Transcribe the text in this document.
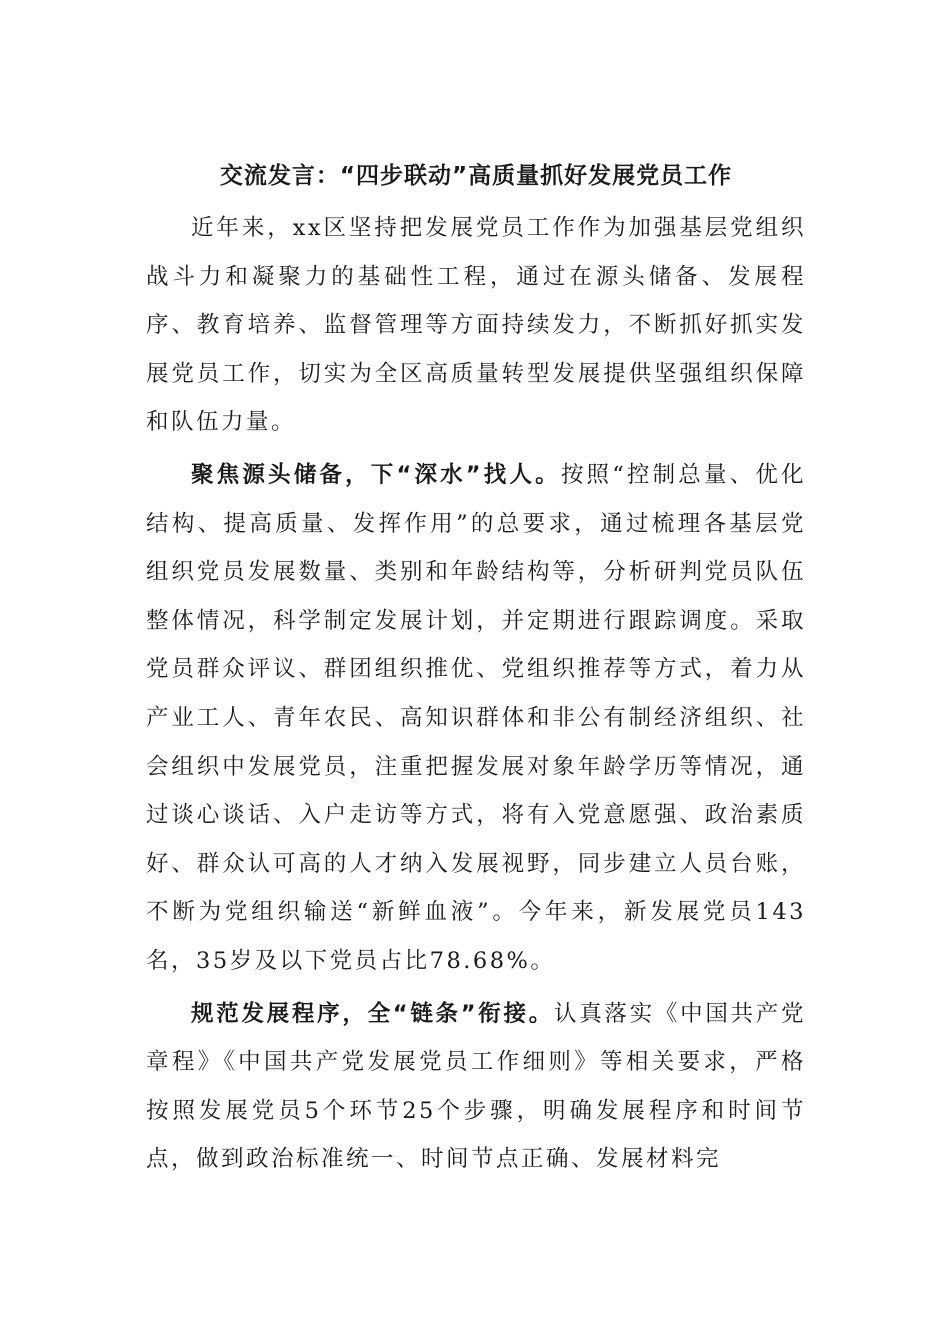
交流发言：“四步联动”高质量抓好发展党员工作

近年来，xx区坚持把发展党员工作作为加强基层党组织战斗力和凝聚力的基础性工程，通过在源头储备、发展程序、教育培养、监督管理等方面持续发力，不断抓好抓实发展党员工作，切实为全区高质量转型发展提供坚强组织保障和队伍力量。

聚焦源头储备，下“深水”找人。按照“控制总量、优化结构、提高质量、发挥作用”的总要求，通过梳理各基层党组织党员发展数量、类别和年龄结构等，分析研判党员队伍整体情况，科学制定发展计划，并定期进行跟踪调度。采取党员群众评议、群团组织推优、党组织推荐等方式，着力从产业工人、青年农民、高知识群体和非公有制经济组织、社会组织中发展党员，注重把握发展对象年龄学历等情况，通过谈心谈话、入户走访等方式，将有入党意愿强、政治素质好、群众认可高的人才纳入发展视野，同步建立人员台账，不断为党组织输送“新鲜血液”。今年来，新发展党员143名，35岁及以下党员占比78.68%。

规范发展程序，全“链条”衔接。认真落实《中国共产党章程》《中国共产党发展党员工作细则》等相关要求，严格按照发展党员5个环节25个步骤，明确发展程序和时间节点，做到政治标准统一、时间节点正确、发展材料完
